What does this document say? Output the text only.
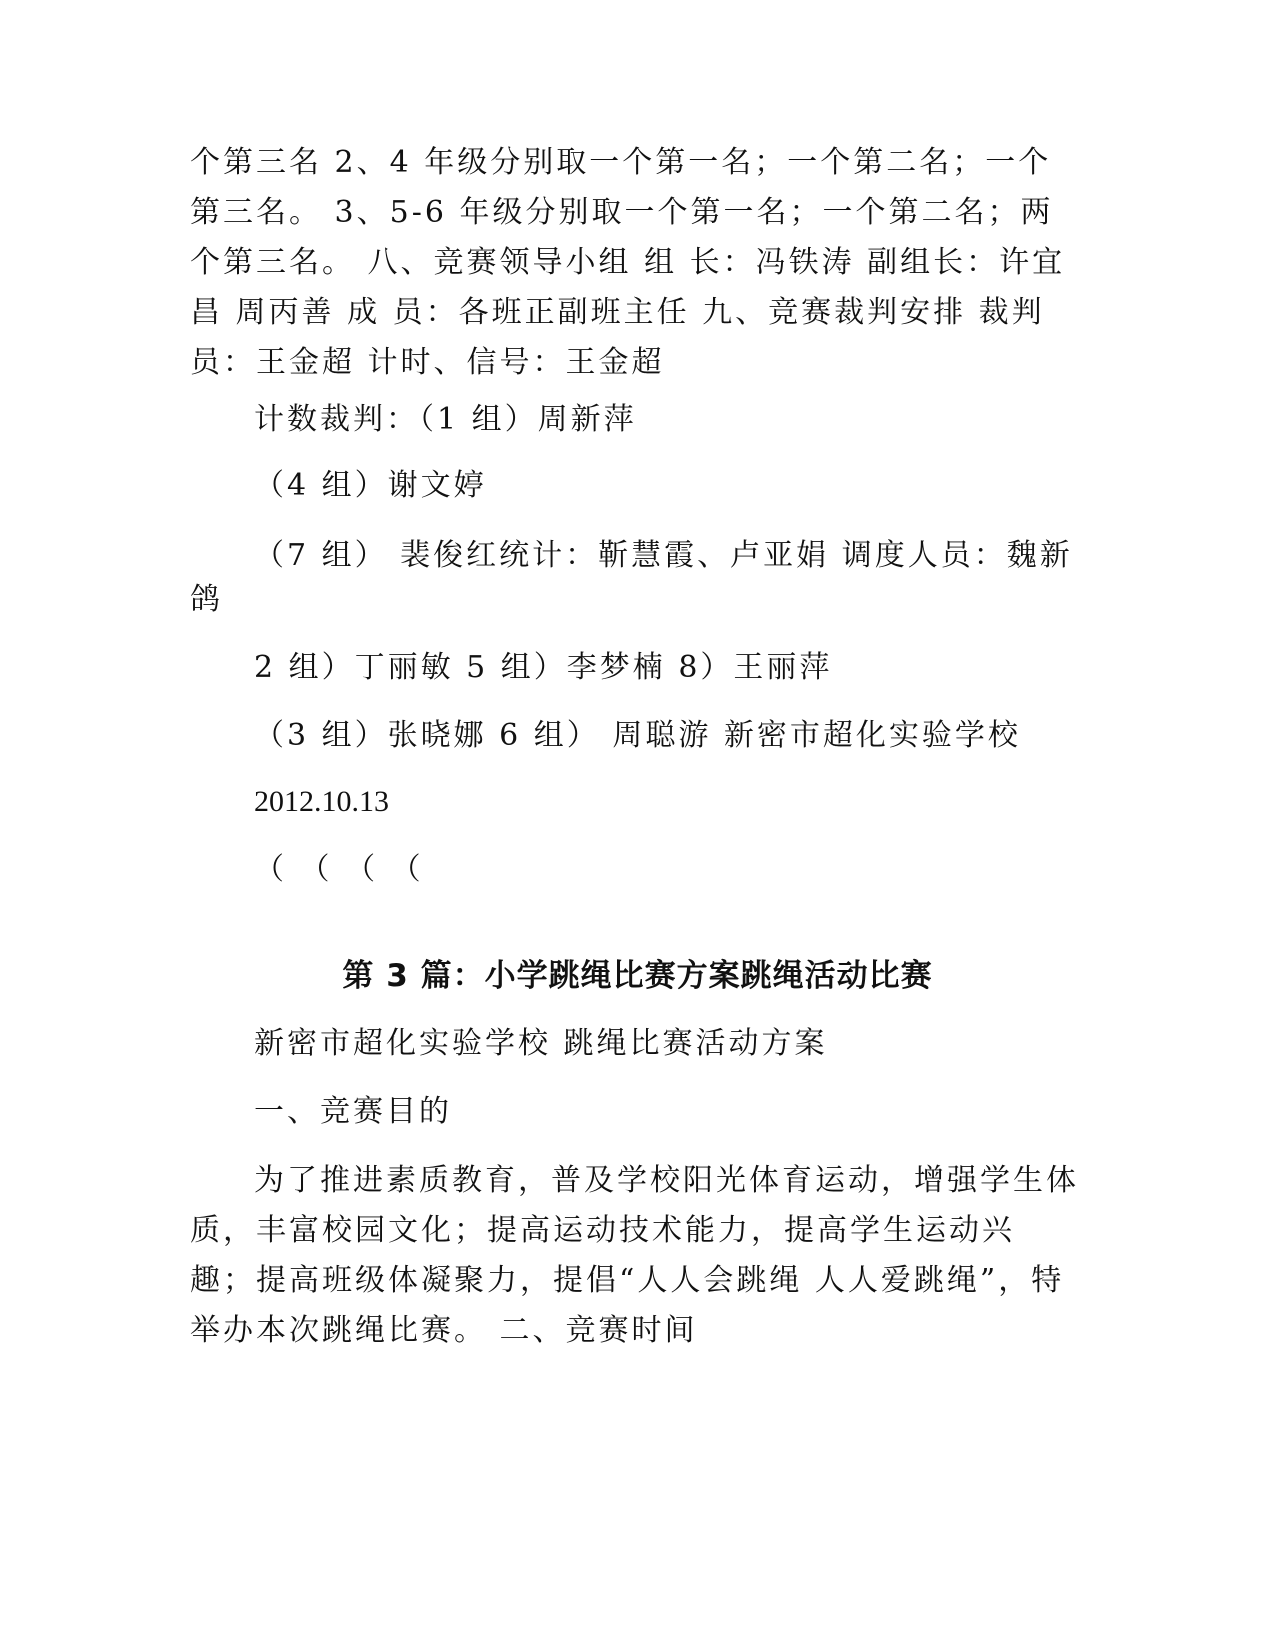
个第三名 2、4 年级分别取一个第一名；一个第二名；一个第三名。 3、5-6 年级分别取一个第一名；一个第二名；两个第三名。 八、竞赛领导小组 组 长：冯铁涛 副组长：许宜昌 周丙善 成 员：各班正副班主任 九、竞赛裁判安排 裁判员：王金超 计时、信号：王金超

计数裁判：（1 组）周新萍

（4 组）谢文婷

（7 组） 裴俊红统计：靳慧霞、卢亚娟 调度人员：魏新鸽

2 组）丁丽敏 5 组）李梦楠 8）王丽萍

（3 组）张晓娜 6 组） 周聪游 新密市超化实验学校

2012.10.13

（ （ （ （

第 3 篇：小学跳绳比赛方案跳绳活动比赛

新密市超化实验学校 跳绳比赛活动方案

一、竞赛目的

为了推进素质教育，普及学校阳光体育运动，增强学生体质，丰富校园文化；提高运动技术能力，提高学生运动兴趣；提高班级体凝聚力，提倡“人人会跳绳 人人爱跳绳”，特举办本次跳绳比赛。 二、竞赛时间
